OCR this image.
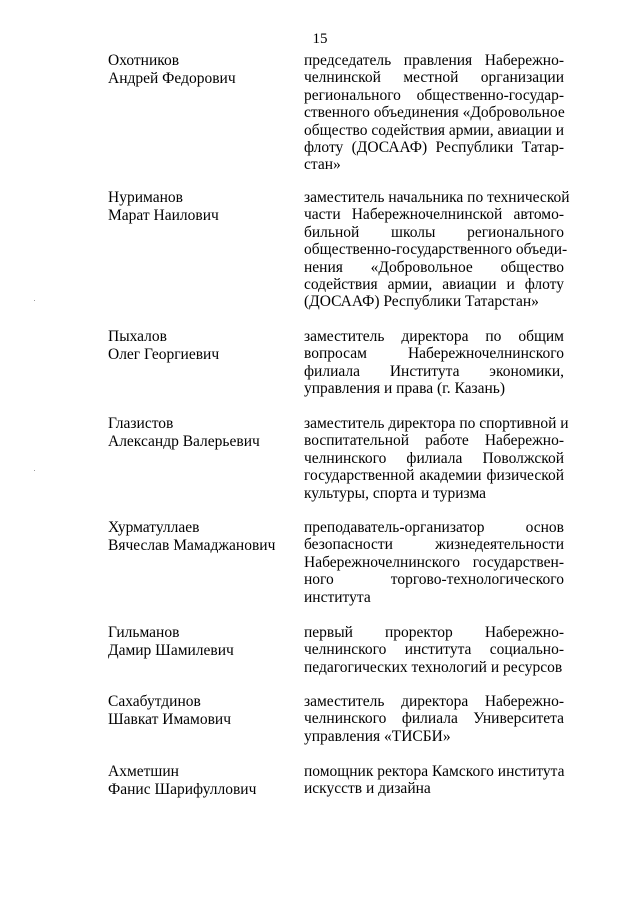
15
Охотников
Андрей Федорович
председатель правления Набережно-
челнинской местной организации
регионального общественно-государ-
ственного объединения «Добровольное
общество содействия армии, авиации и
флоту (ДОСААФ) Республики Татар-
стан»
Нуриманов
Марат Наилович
заместитель начальника по технической
части Набережночелнинской автомо-
бильной школы регионального
общественно-государственного объеди-
нения «Добровольное общество
содействия армии, авиации и флоту
(ДОСААФ) Республики Татарстан»
Пыхалов
Олег Георгиевич
заместитель директора по общим
вопросам Набережночелнинского
филиала Института экономики,
управления и права (г. Казань)
Глазистов
Александр Валерьевич
заместитель директора по спортивной и
воспитательной работе Набережно-
челнинского филиала Поволжской
государственной академии физической
культуры, спорта и туризма
Хурматуллаев
Вячеслав Мамаджанович
преподаватель-организатор основ
безопасности жизнедеятельности
Набережночелнинского государствен-
ного торгово-технологического
института
Гильманов
Дамир Шамилевич
первый проректор Набережно-
челнинского института социально-
педагогических технологий и ресурсов
Сахабутдинов
Шавкат Имамович
заместитель директора Набережно-
челнинского филиала Университета
управления «ТИСБИ»
Ахметшин
Фанис Шарифуллович
помощник ректора Камского института
искусств и дизайна
